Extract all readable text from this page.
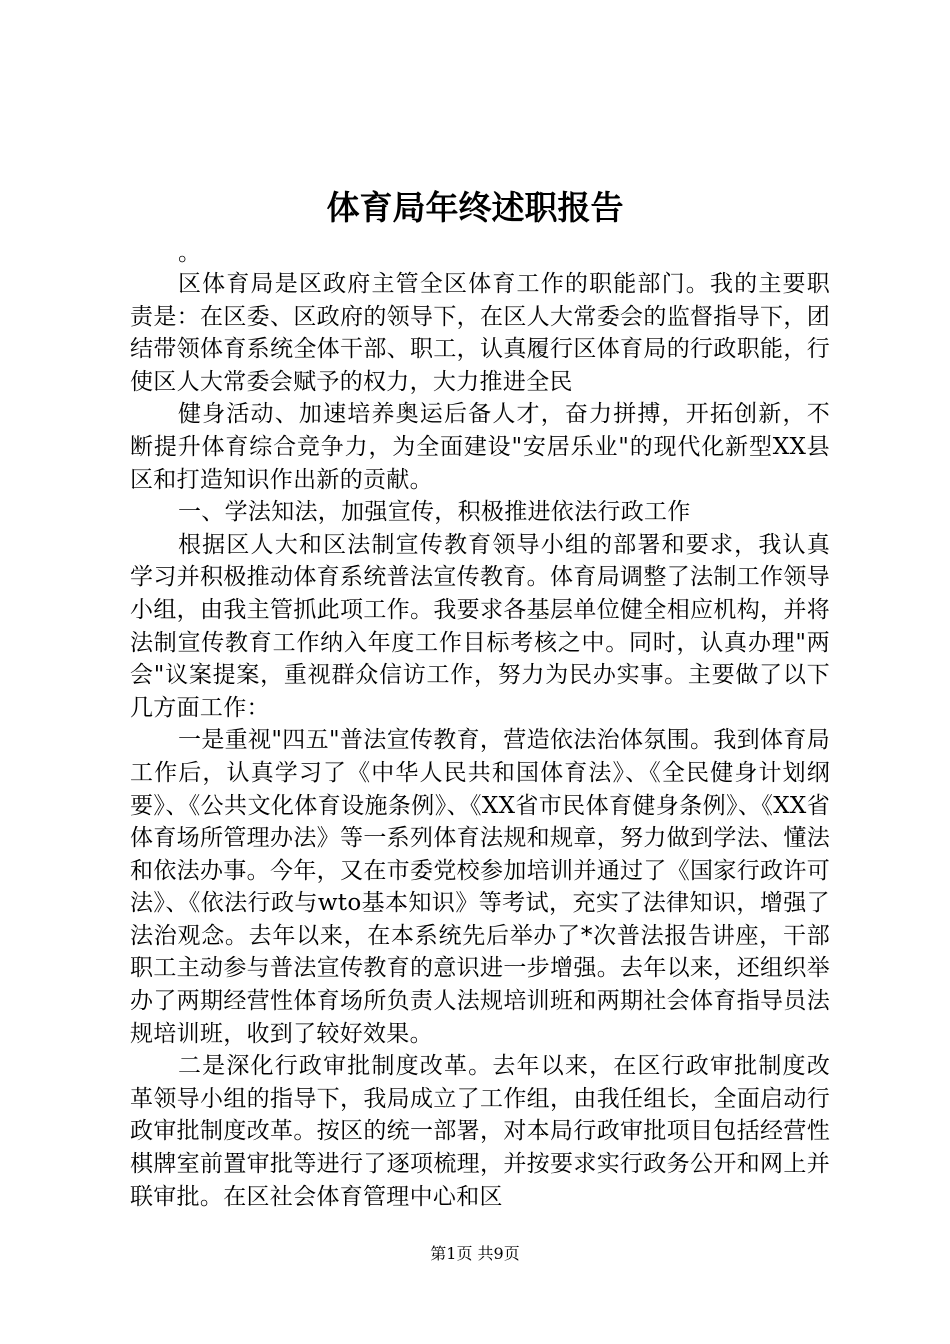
体育局年终述职报告

。

区体育局是区政府主管全区体育工作的职能部门。我的主要职责是：在区委、区政府的领导下，在区人大常委会的监督指导下，团结带领体育系统全体干部、职工，认真履行区体育局的行政职能，行使区人大常委会赋予的权力，大力推进全民

健身活动、加速培养奥运后备人才，奋力拼搏，开拓创新，不断提升体育综合竞争力，为全面建设"安居乐业"的现代化新型XX县区和打造知识作出新的贡献。

一、学法知法，加强宣传，积极推进依法行政工作

根据区人大和区法制宣传教育领导小组的部署和要求，我认真学习并积极推动体育系统普法宣传教育。体育局调整了法制工作领导小组，由我主管抓此项工作。我要求各基层单位健全相应机构，并将法制宣传教育工作纳入年度工作目标考核之中。同时，认真办理"两会"议案提案，重视群众信访工作，努力为民办实事。主要做了以下几方面工作：

一是重视"四五"普法宣传教育，营造依法治体氛围。我到体育局工作后，认真学习了《中华人民共和国体育法》、《全民健身计划纲要》、《公共文化体育设施条例》、《XX省市民体育健身条例》、《XX省体育场所管理办法》等一系列体育法规和规章，努力做到学法、懂法和依法办事。今年，又在市委党校参加培训并通过了《国家行政许可法》、《依法行政与wto基本知识》等考试，充实了法律知识，增强了法治观念。去年以来，在本系统先后举办了*次普法报告讲座，干部职工主动参与普法宣传教育的意识进一步增强。去年以来，还组织举办了两期经营性体育场所负责人法规培训班和两期社会体育指导员法规培训班，收到了较好效果。

二是深化行政审批制度改革。去年以来，在区行政审批制度改革领导小组的指导下，我局成立了工作组，由我任组长，全面启动行政审批制度改革。按区的统一部署，对本局行政审批项目包括经营性棋牌室前置审批等进行了逐项梳理，并按要求实行政务公开和网上并联审批。在区社会体育管理中心和区

第1页 共9页
